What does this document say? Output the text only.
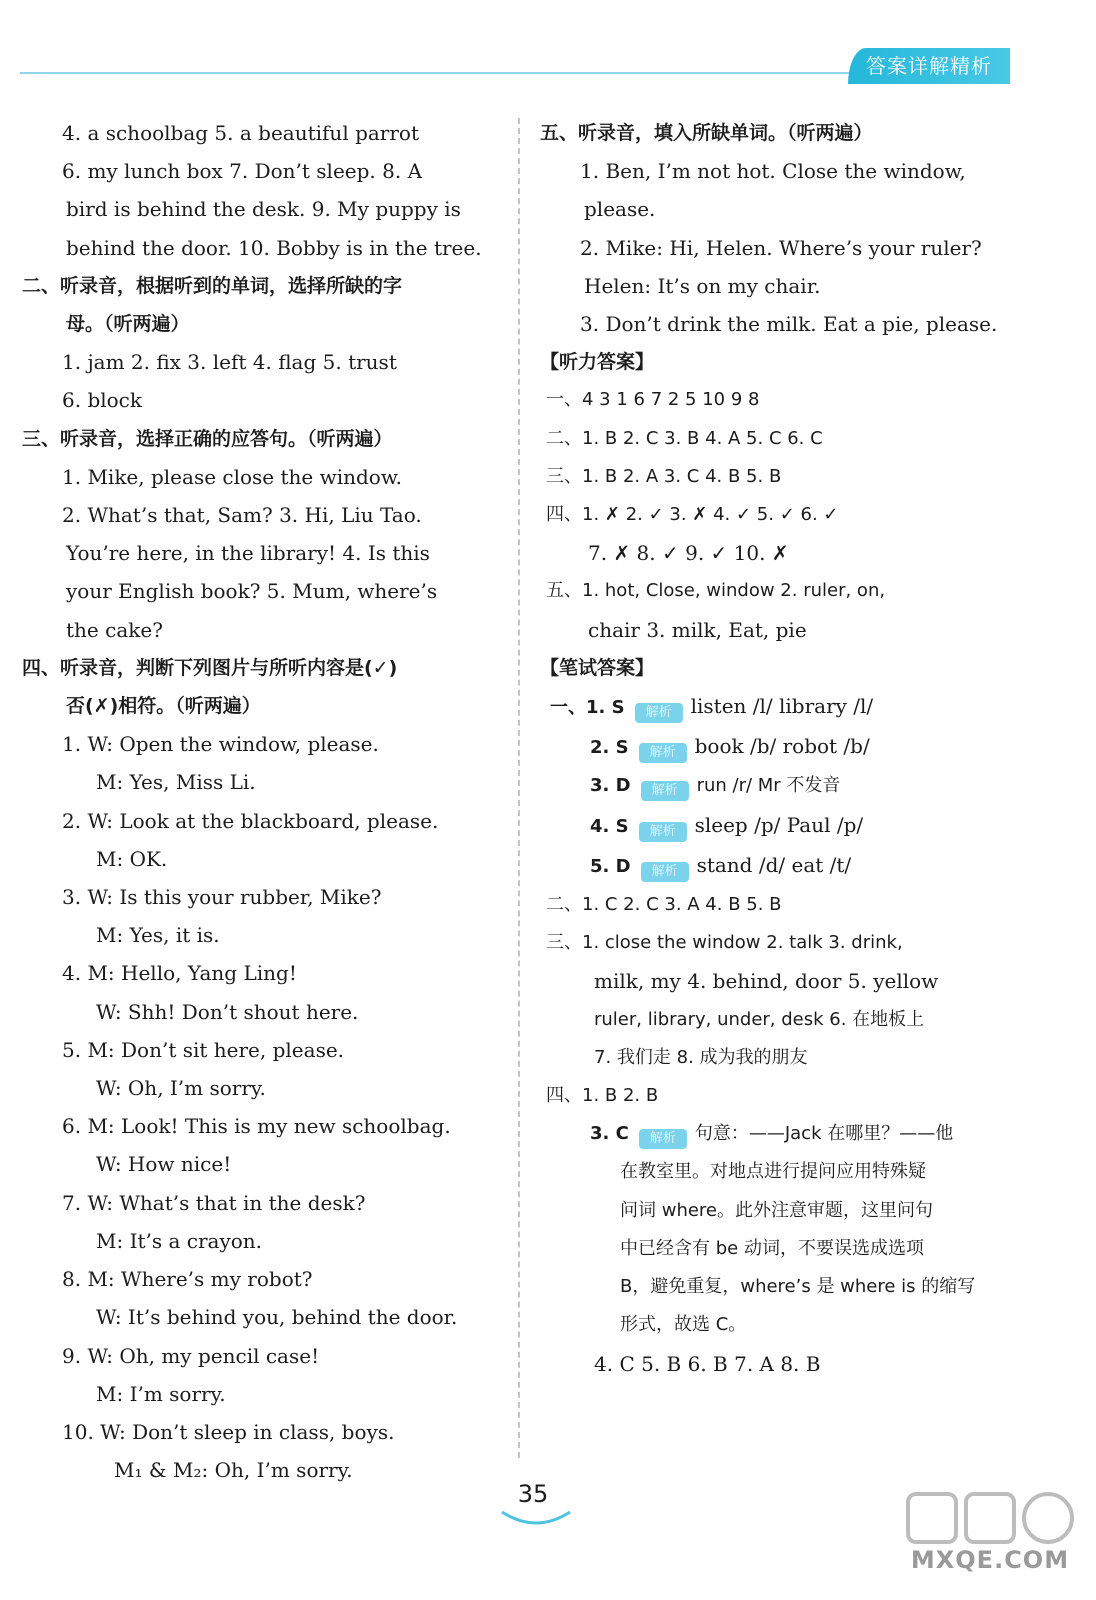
答案详解精析
4. a schoolbag 5. a beautiful parrot
6. my lunch box 7. Don’t sleep. 8. A
bird is behind the desk. 9. My puppy is
behind the door. 10. Bobby is in the tree.
二、听录音，根据听到的单词，选择所缺的字
母。（听两遍）
1. jam 2. fix 3. left 4. flag 5. trust
6. block
三、听录音，选择正确的应答句。（听两遍）
1. Mike, please close the window.
2. What’s that, Sam? 3. Hi, Liu Tao.
You’re here, in the library! 4. Is this
your English book? 5. Mum, where’s
the cake?
四、听录音，判断下列图片与所听内容是(✓)
否(✗)相符。（听两遍）
1. W: Open the window, please.
M: Yes, Miss Li.
2. W: Look at the blackboard, please.
M: OK.
3. W: Is this your rubber, Mike?
M: Yes, it is.
4. M: Hello, Yang Ling!
W: Shh! Don’t shout here.
5. M: Don’t sit here, please.
W: Oh, I’m sorry.
6. M: Look! This is my new schoolbag.
W: How nice!
7. W: What’s that in the desk?
M: It’s a crayon.
8. M: Where’s my robot?
W: It’s behind you, behind the door.
9. W: Oh, my pencil case!
M: I’m sorry.
10. W: Don’t sleep in class, boys.
M₁ & M₂: Oh, I’m sorry.
五、听录音，填入所缺单词。（听两遍）
1. Ben, I’m not hot. Close the window,
please.
2. Mike: Hi, Helen. Where’s your ruler?
Helen: It’s on my chair.
3. Don’t drink the milk. Eat a pie, please.
【听力答案】
一、4 3 1 6 7 2 5 10 9 8
二、1. B 2. C 3. B 4. A 5. C 6. C
三、1. B 2. A 3. C 4. B 5. B
四、1. ✗ 2. ✓ 3. ✗ 4. ✓ 5. ✓ 6. ✓
7. ✗ 8. ✓ 9. ✓ 10. ✗
五、1. hot, Close, window 2. ruler, on,
chair 3. milk, Eat, pie
【笔试答案】
一、1. S 解析 listen /l/ library /l/
2. S 解析 book /b/ robot /b/
3. D 解析 run /r/ Mr 不发音
4. S 解析 sleep /p/ Paul /p/
5. D 解析 stand /d/ eat /t/
二、1. C 2. C 3. A 4. B 5. B
三、1. close the window 2. talk 3. drink,
milk, my 4. behind, door 5. yellow
ruler, library, under, desk 6. 在地板上
7. 我们走 8. 成为我的朋友
四、1. B 2. B
3. C 解析 句意：——Jack 在哪里？——他
在教室里。对地点进行提问应用特殊疑
问词 where。此外注意审题，这里问句
中已经含有 be 动词，不要误选成选项
B，避免重复，where’s 是 where is 的缩写
形式，故选 C。
4. C 5. B 6. B 7. A 8. B
35
MXQE.COM
